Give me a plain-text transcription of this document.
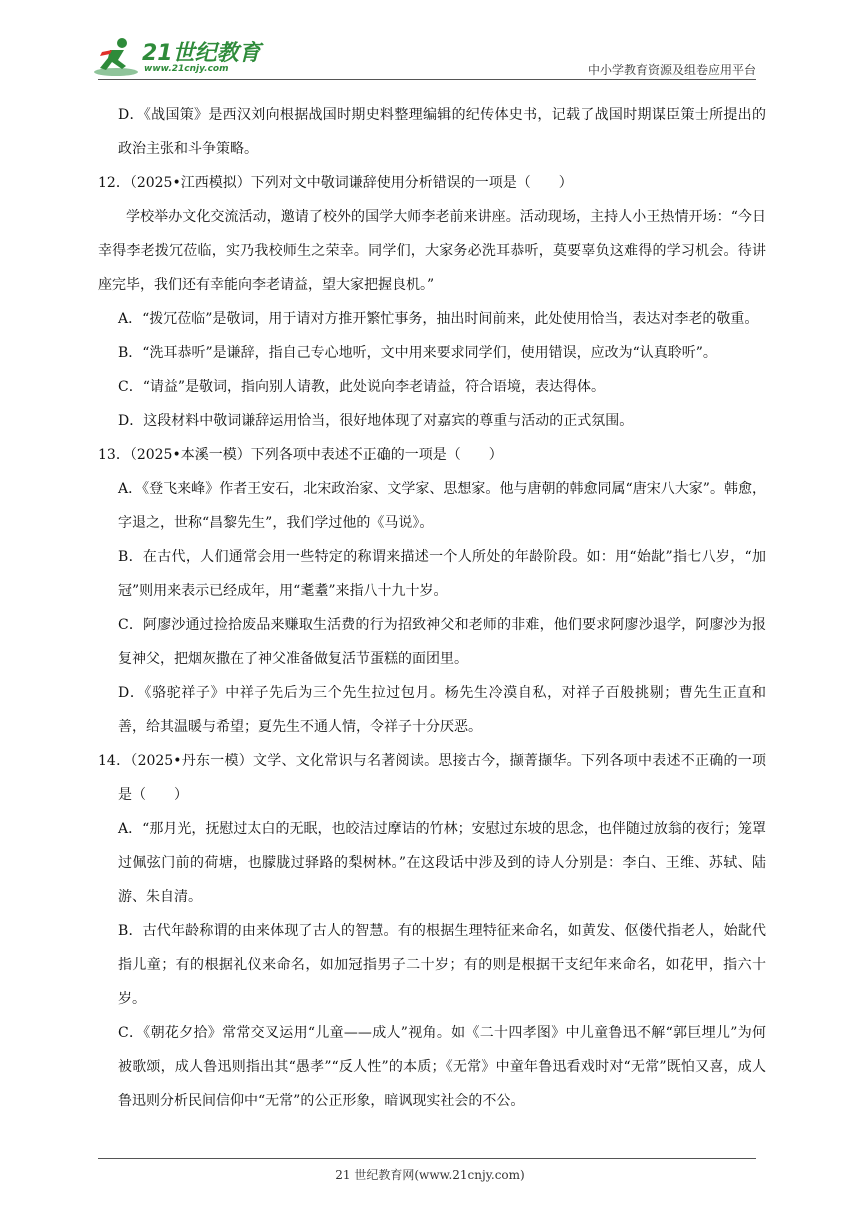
21世纪教育
www.21cnjy.com	中小学教育资源及组卷应用平台

D．《战国策》是西汉刘向根据战国时期史料整理编辑的纪传体史书，记载了战国时期谋臣策士所提出的政治主张和斗争策略。

12．（2025•江西模拟）下列对文中敬词谦辞使用分析错误的一项是（　　）

学校举办文化交流活动，邀请了校外的国学大师李老前来讲座。活动现场，主持人小王热情开场：“今日幸得李老拨冗莅临，实乃我校师生之荣幸。同学们，大家务必洗耳恭听，莫要辜负这难得的学习机会。待讲座完毕，我们还有幸能向李老请益，望大家把握良机。”

A．“拨冗莅临”是敬词，用于请对方推开繁忙事务，抽出时间前来，此处使用恰当，表达对李老的敬重。

B．“洗耳恭听”是谦辞，指自己专心地听，文中用来要求同学们，使用错误，应改为“认真聆听”。

C．“请益”是敬词，指向别人请教，此处说向李老请益，符合语境，表达得体。

D．这段材料中敬词谦辞运用恰当，很好地体现了对嘉宾的尊重与活动的正式氛围。

13．（2025•本溪一模）下列各项中表述不正确的一项是（　　）

A．《登飞来峰》作者王安石，北宋政治家、文学家、思想家。他与唐朝的韩愈同属“唐宋八大家”。韩愈，字退之，世称“昌黎先生”，我们学过他的《马说》。

B．在古代，人们通常会用一些特定的称谓来描述一个人所处的年龄阶段。如：用“始龀”指七八岁，“加冠”则用来表示已经成年，用“耄耋”来指八十九十岁。

C．阿廖沙通过捡拾废品来赚取生活费的行为招致神父和老师的非难，他们要求阿廖沙退学，阿廖沙为报复神父，把烟灰撒在了神父准备做复活节蛋糕的面团里。

D．《骆驼祥子》中祥子先后为三个先生拉过包月。杨先生冷漠自私，对祥子百般挑剔；曹先生正直和善，给其温暖与希望；夏先生不通人情，令祥子十分厌恶。

14．（2025•丹东一模）文学、文化常识与名著阅读。思接古今，撷菁撷华。下列各项中表述不正确的一项是（　　）

A．“那月光，抚慰过太白的无眠，也皎洁过摩诘的竹林；安慰过东坡的思念，也伴随过放翁的夜行；笼罩过佩弦门前的荷塘，也朦胧过驿路的梨树林。”在这段话中涉及到的诗人分别是：李白、王维、苏轼、陆游、朱自清。

B．古代年龄称谓的由来体现了古人的智慧。有的根据生理特征来命名，如黄发、伛偻代指老人，始龀代指儿童；有的根据礼仪来命名，如加冠指男子二十岁；有的则是根据干支纪年来命名，如花甲，指六十岁。

C．《朝花夕拾》常常交叉运用“儿童——成人”视角。如《二十四孝图》中儿童鲁迅不解“郭巨埋儿”为何被歌颂，成人鲁迅则指出其“愚孝”“反人性”的本质；《无常》中童年鲁迅看戏时对“无常”既怕又喜，成人鲁迅则分析民间信仰中“无常”的公正形象，暗讽现实社会的不公。

21 世纪教育网(www.21cnjy.com)
